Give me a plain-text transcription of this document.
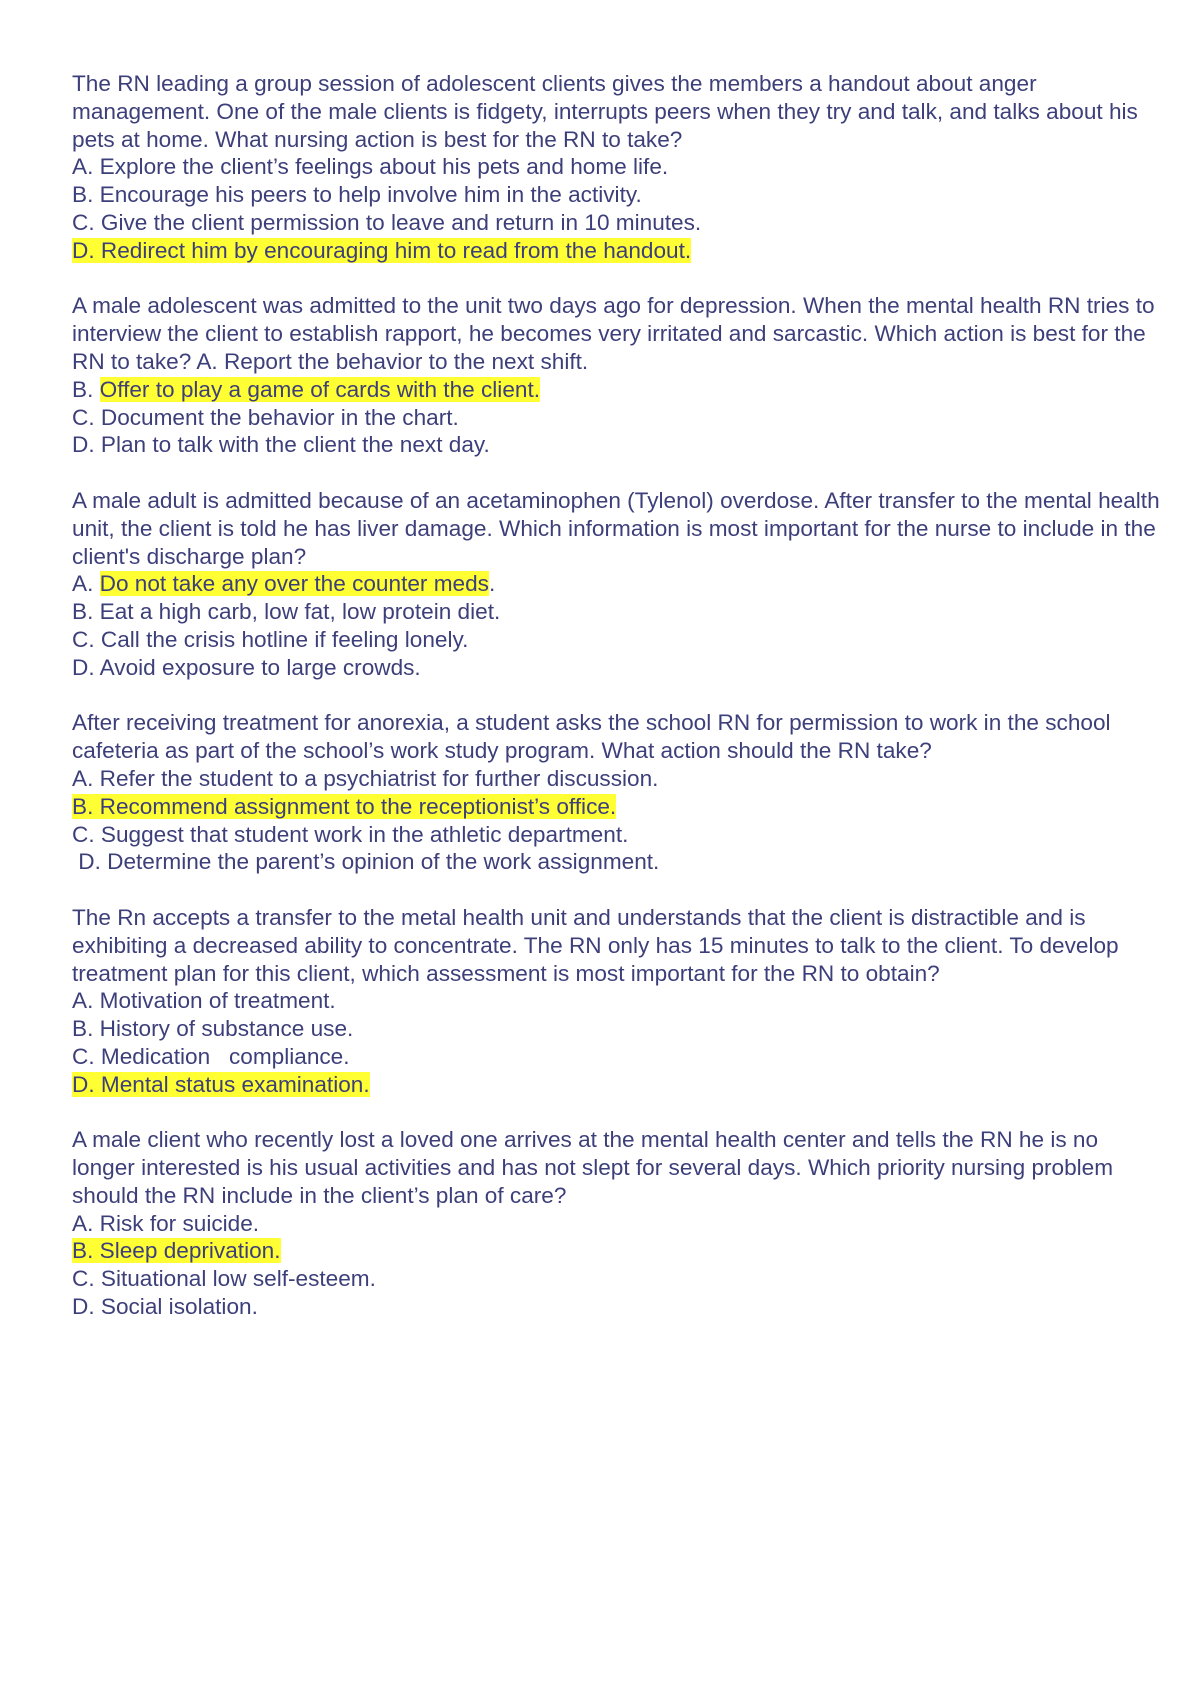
The RN leading a group session of adolescent clients gives the members a handout about anger management. One of the male clients is fidgety, interrupts peers when they try and talk, and talks about his pets at home. What nursing action is best for the RN to take?
A. Explore the client’s feelings about his pets and home life.
B. Encourage his peers to help involve him in the activity.
C. Give the client permission to leave and return in 10 minutes.
D. Redirect him by encouraging him to read from the handout.
A male adolescent was admitted to the unit two days ago for depression. When the mental health RN tries to interview the client to establish rapport, he becomes very irritated and sarcastic. Which action is best for the RN to take? A. Report the behavior to the next shift.
B. Offer to play a game of cards with the client.
C. Document the behavior in the chart.
D. Plan to talk with the client the next day.
A male adult is admitted because of an acetaminophen (Tylenol) overdose. After transfer to the mental health unit, the client is told he has liver damage. Which information is most important for the nurse to include in the client's discharge plan?
A. Do not take any over the counter meds.
B. Eat a high carb, low fat, low protein diet.
C. Call the crisis hotline if feeling lonely.
D. Avoid exposure to large crowds.
After receiving treatment for anorexia, a student asks the school RN for permission to work in the school cafeteria as part of the school’s work study program. What action should the RN take?
A. Refer the student to a psychiatrist for further discussion.
B. Recommend assignment to the receptionist’s office.
C. Suggest that student work in the athletic department.
D. Determine the parent’s opinion of the work assignment.
The Rn accepts a transfer to the metal health unit and understands that the client is distractible and is exhibiting a decreased ability to concentrate. The RN only has 15 minutes to talk to the client. To develop treatment plan for this client, which assessment is most important for the RN to obtain?
A. Motivation of treatment.
B. History of substance use.
C. Medication   compliance.
D. Mental status examination.
A male client who recently lost a loved one arrives at the mental health center and tells the RN he is no longer interested is his usual activities and has not slept for several days. Which priority nursing problem should the RN include in the client’s plan of care?
A. Risk for suicide.
B. Sleep deprivation.
C. Situational low self-esteem.
D. Social isolation.
